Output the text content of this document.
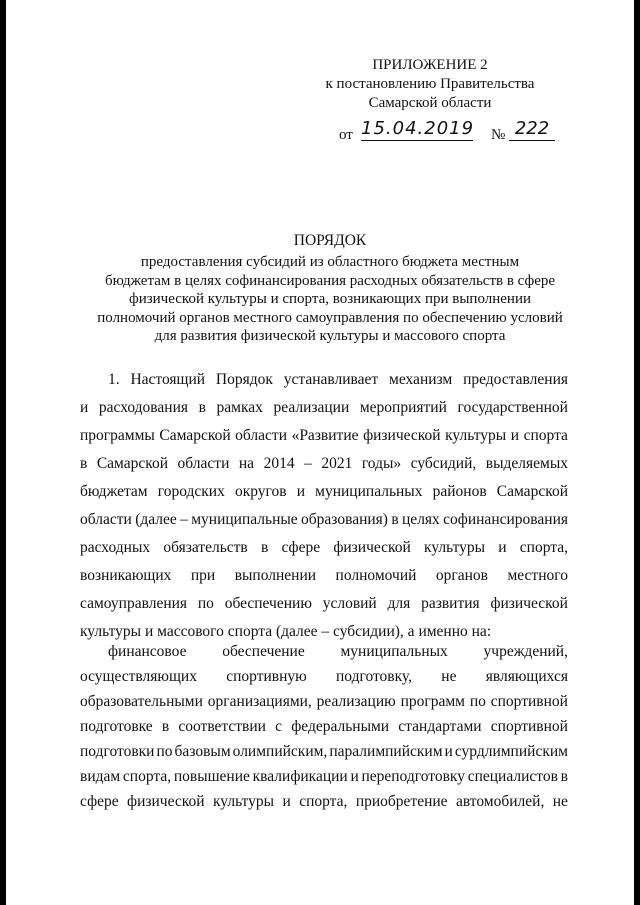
ПРИЛОЖЕНИЕ 2
к постановлению Правительства
Самарской области
от 15.04.2019 № 222
ПОРЯДОК
предоставления субсидий из областного бюджета местным
бюджетам в целях софинансирования расходных обязательств в сфере
физической культуры и спорта, возникающих при выполнении
полномочий органов местного самоуправления по обеспечению условий
для развития физической культуры и массового спорта
1. Настоящий Порядок устанавливает механизм предоставления
и расходования в рамках реализации мероприятий государственной
программы Самарской области «Развитие физической культуры и спорта
в Самарской области на 2014 – 2021 годы» субсидий, выделяемых
бюджетам городских округов и муниципальных районов Самарской
области (далее – муниципальные образования) в целях софинансирования
расходных обязательств в сфере физической культуры и спорта,
возникающих при выполнении полномочий органов местного
самоуправления по обеспечению условий для развития физической
культуры и массового спорта (далее – субсидии), а именно на:
финансовое обеспечение муниципальных учреждений,
осуществляющих спортивную подготовку, не являющихся
образовательными организациями, реализацию программ по спортивной
подготовке в соответствии с федеральными стандартами спортивной
подготовки по базовым олимпийским, паралимпийским и сурдлимпийским
видам спорта, повышение квалификации и переподготовку специалистов в
сфере физической культуры и спорта, приобретение автомобилей, не
